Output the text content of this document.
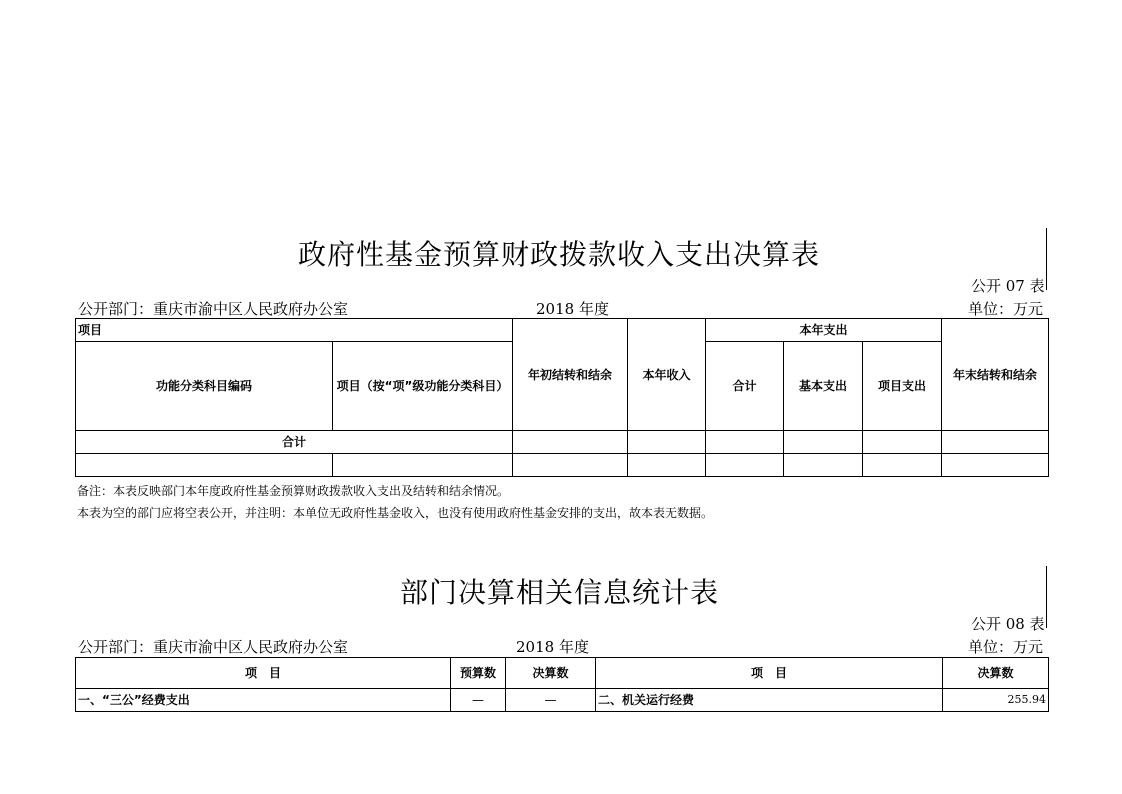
政府性基金预算财政拨款收入支出决算表
公开 07 表
公开部门：重庆市渝中区人民政府办公室	2018 年度	单位：万元
项目		年初结转和结余	本年收入	本年支出			年末结转和结余
功能分类科目编码	项目（按“项”级功能分类科目）			合计	基本支出	项目支出	
合计							

备注：本表反映部门本年度政府性基金预算财政拨款收入支出及结转和结余情况。
本表为空的部门应将空表公开，并注明：本单位无政府性基金收入，也没有使用政府性基金安排的支出，故本表无数据。
部门决算相关信息统计表
公开 08 表
公开部门：重庆市渝中区人民政府办公室	2018 年度	单位：万元
项　目	预算数	决算数	项　目	决算数
一、“三公”经费支出	—	—	二、机关运行经费	255.94
